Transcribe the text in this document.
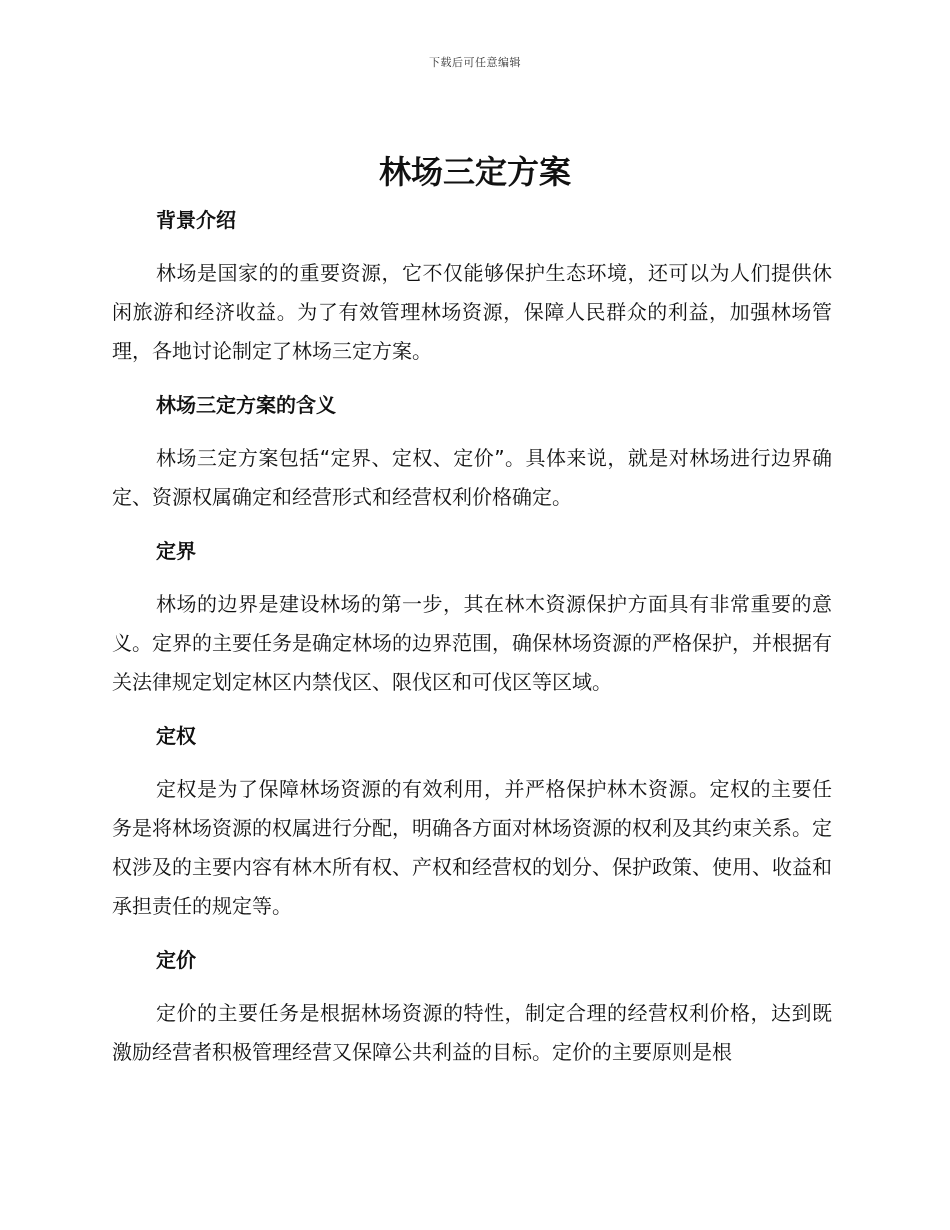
下载后可任意编辑
林场三定方案
背景介绍

林场是国家的的重要资源，它不仅能够保护生态环境，还可以为人们提供休闲旅游和经济收益。为了有效管理林场资源，保障人民群众的利益，加强林场管理，各地讨论制定了林场三定方案。

林场三定方案的含义

林场三定方案包括“定界、定权、定价”。具体来说，就是对林场进行边界确定、资源权属确定和经营形式和经营权利价格确定。

定界

林场的边界是建设林场的第一步，其在林木资源保护方面具有非常重要的意义。定界的主要任务是确定林场的边界范围，确保林场资源的严格保护，并根据有关法律规定划定林区内禁伐区、限伐区和可伐区等区域。

定权

定权是为了保障林场资源的有效利用，并严格保护林木资源。定权的主要任务是将林场资源的权属进行分配，明确各方面对林场资源的权利及其约束关系。定权涉及的主要内容有林木所有权、产权和经营权的划分、保护政策、使用、收益和承担责任的规定等。

定价

定价的主要任务是根据林场资源的特性，制定合理的经营权利价格，达到既激励经营者积极管理经营又保障公共利益的目标。定价的主要原则是根
